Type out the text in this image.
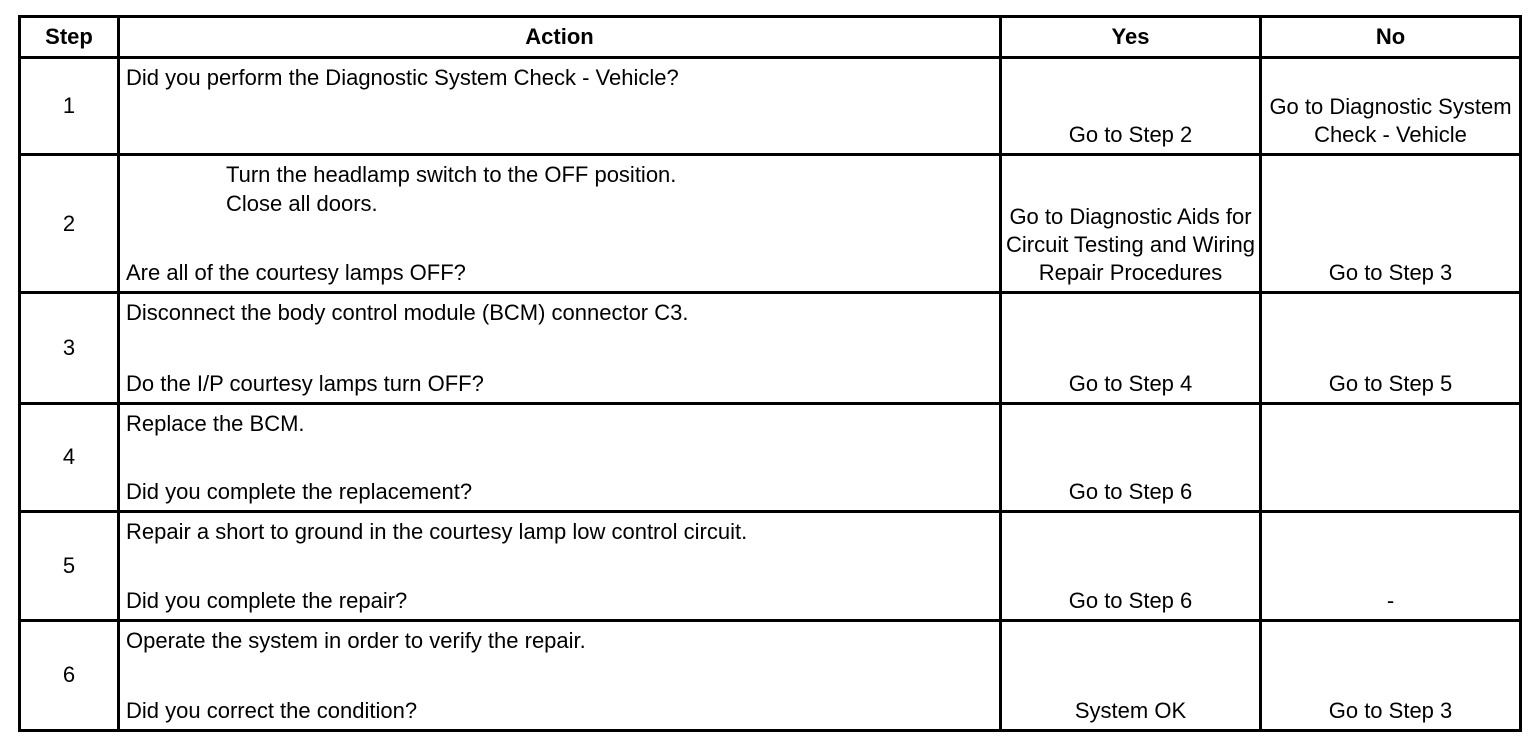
Step	Action	Yes	No
1	Did you perform the Diagnostic System Check - Vehicle?	Go to Step 2	Go to Diagnostic System Check - Vehicle
2	Turn the headlamp switch to the OFF position.
Close all doors.
Are all of the courtesy lamps OFF?	Go to Diagnostic Aids for Circuit Testing and Wiring Repair Procedures	Go to Step 3
3	Disconnect the body control module (BCM) connector C3.
Do the I/P courtesy lamps turn OFF?	Go to Step 4	Go to Step 5
4	Replace the BCM.
Did you complete the replacement?	Go to Step 6	
5	Repair a short to ground in the courtesy lamp low control circuit.
Did you complete the repair?	Go to Step 6	-
6	Operate the system in order to verify the repair.
Did you correct the condition?	System OK	Go to Step 3
